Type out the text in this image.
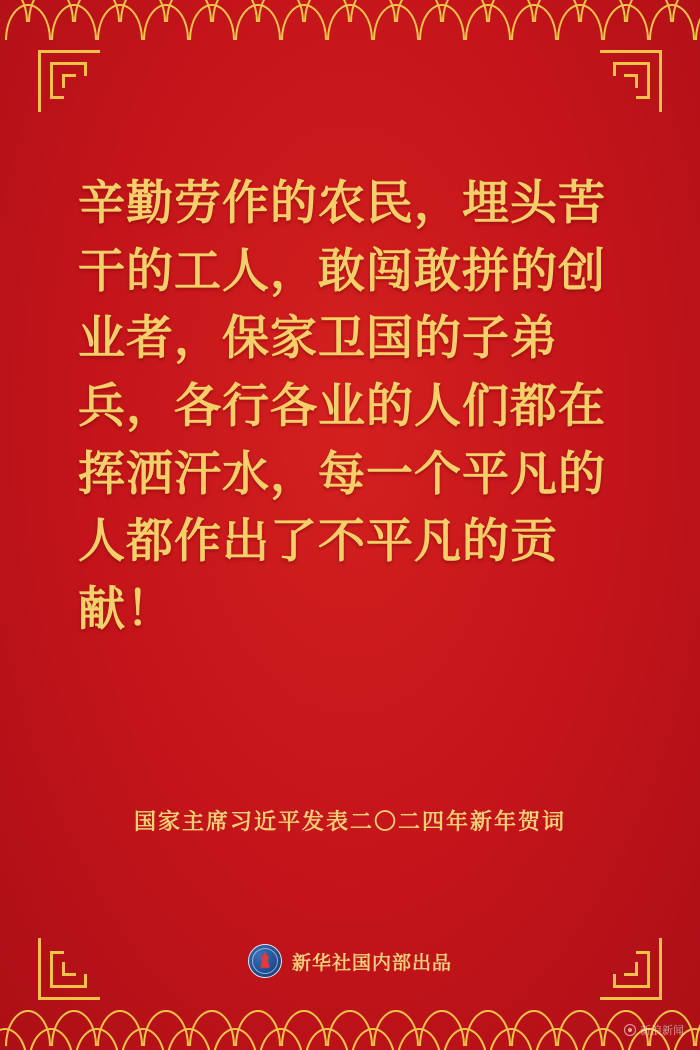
辛勤劳作的农民，埋头苦干的工人，敢闯敢拼的创业者，保家卫国的子弟兵，各行各业的人们都在挥洒汗水，每一个平凡的人都作出了不平凡的贡献！
国家主席习近平发表二〇二四年新年贺词
新华社国内部出品
新浪新闻
